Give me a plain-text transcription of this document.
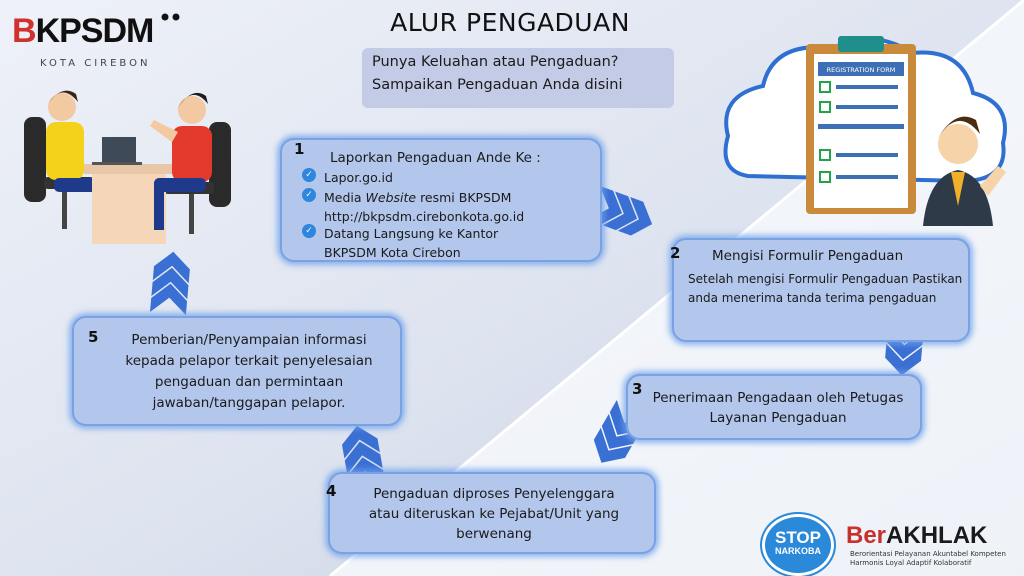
BKPSDM
KOTA CIREBON
ALUR PENGADUAN
Punya Keluahan atau Pengaduan?
Sampaikan Pengaduan Anda disini
REGISTRATION FORM
1 Laporkan Pengaduan Ande Ke :
✓ Lapor.go.id
✓ Media Website resmi BKPSDM
http://bkpsdm.cirebonkota.go.id
✓ Datang Langsung ke Kantor
BKPSDM Kota Cirebon	2 Mengisi Formulir Pengaduan
Setelah mengisi Formulir Pengaduan Pastikan
anda menerima tanda terima pengaduan
3 Penerimaan Pengadaan oleh Petugas
Layanan Pengaduan
4	Pengaduan diproses Penyelenggara
atau diteruskan ke Pejabat/Unit yang
berwenang
5	Pemberian/Penyampaian informasi
kepada pelapor terkait penyelesaian
pengaduan dan permintaan
jawaban/tanggapan pelapor.
STOP
NARKOBA
BerAKHLAK
Berorientasi Pelayanan Akuntabel Kompeten
Harmonis Loyal Adaptif Kolaboratif
